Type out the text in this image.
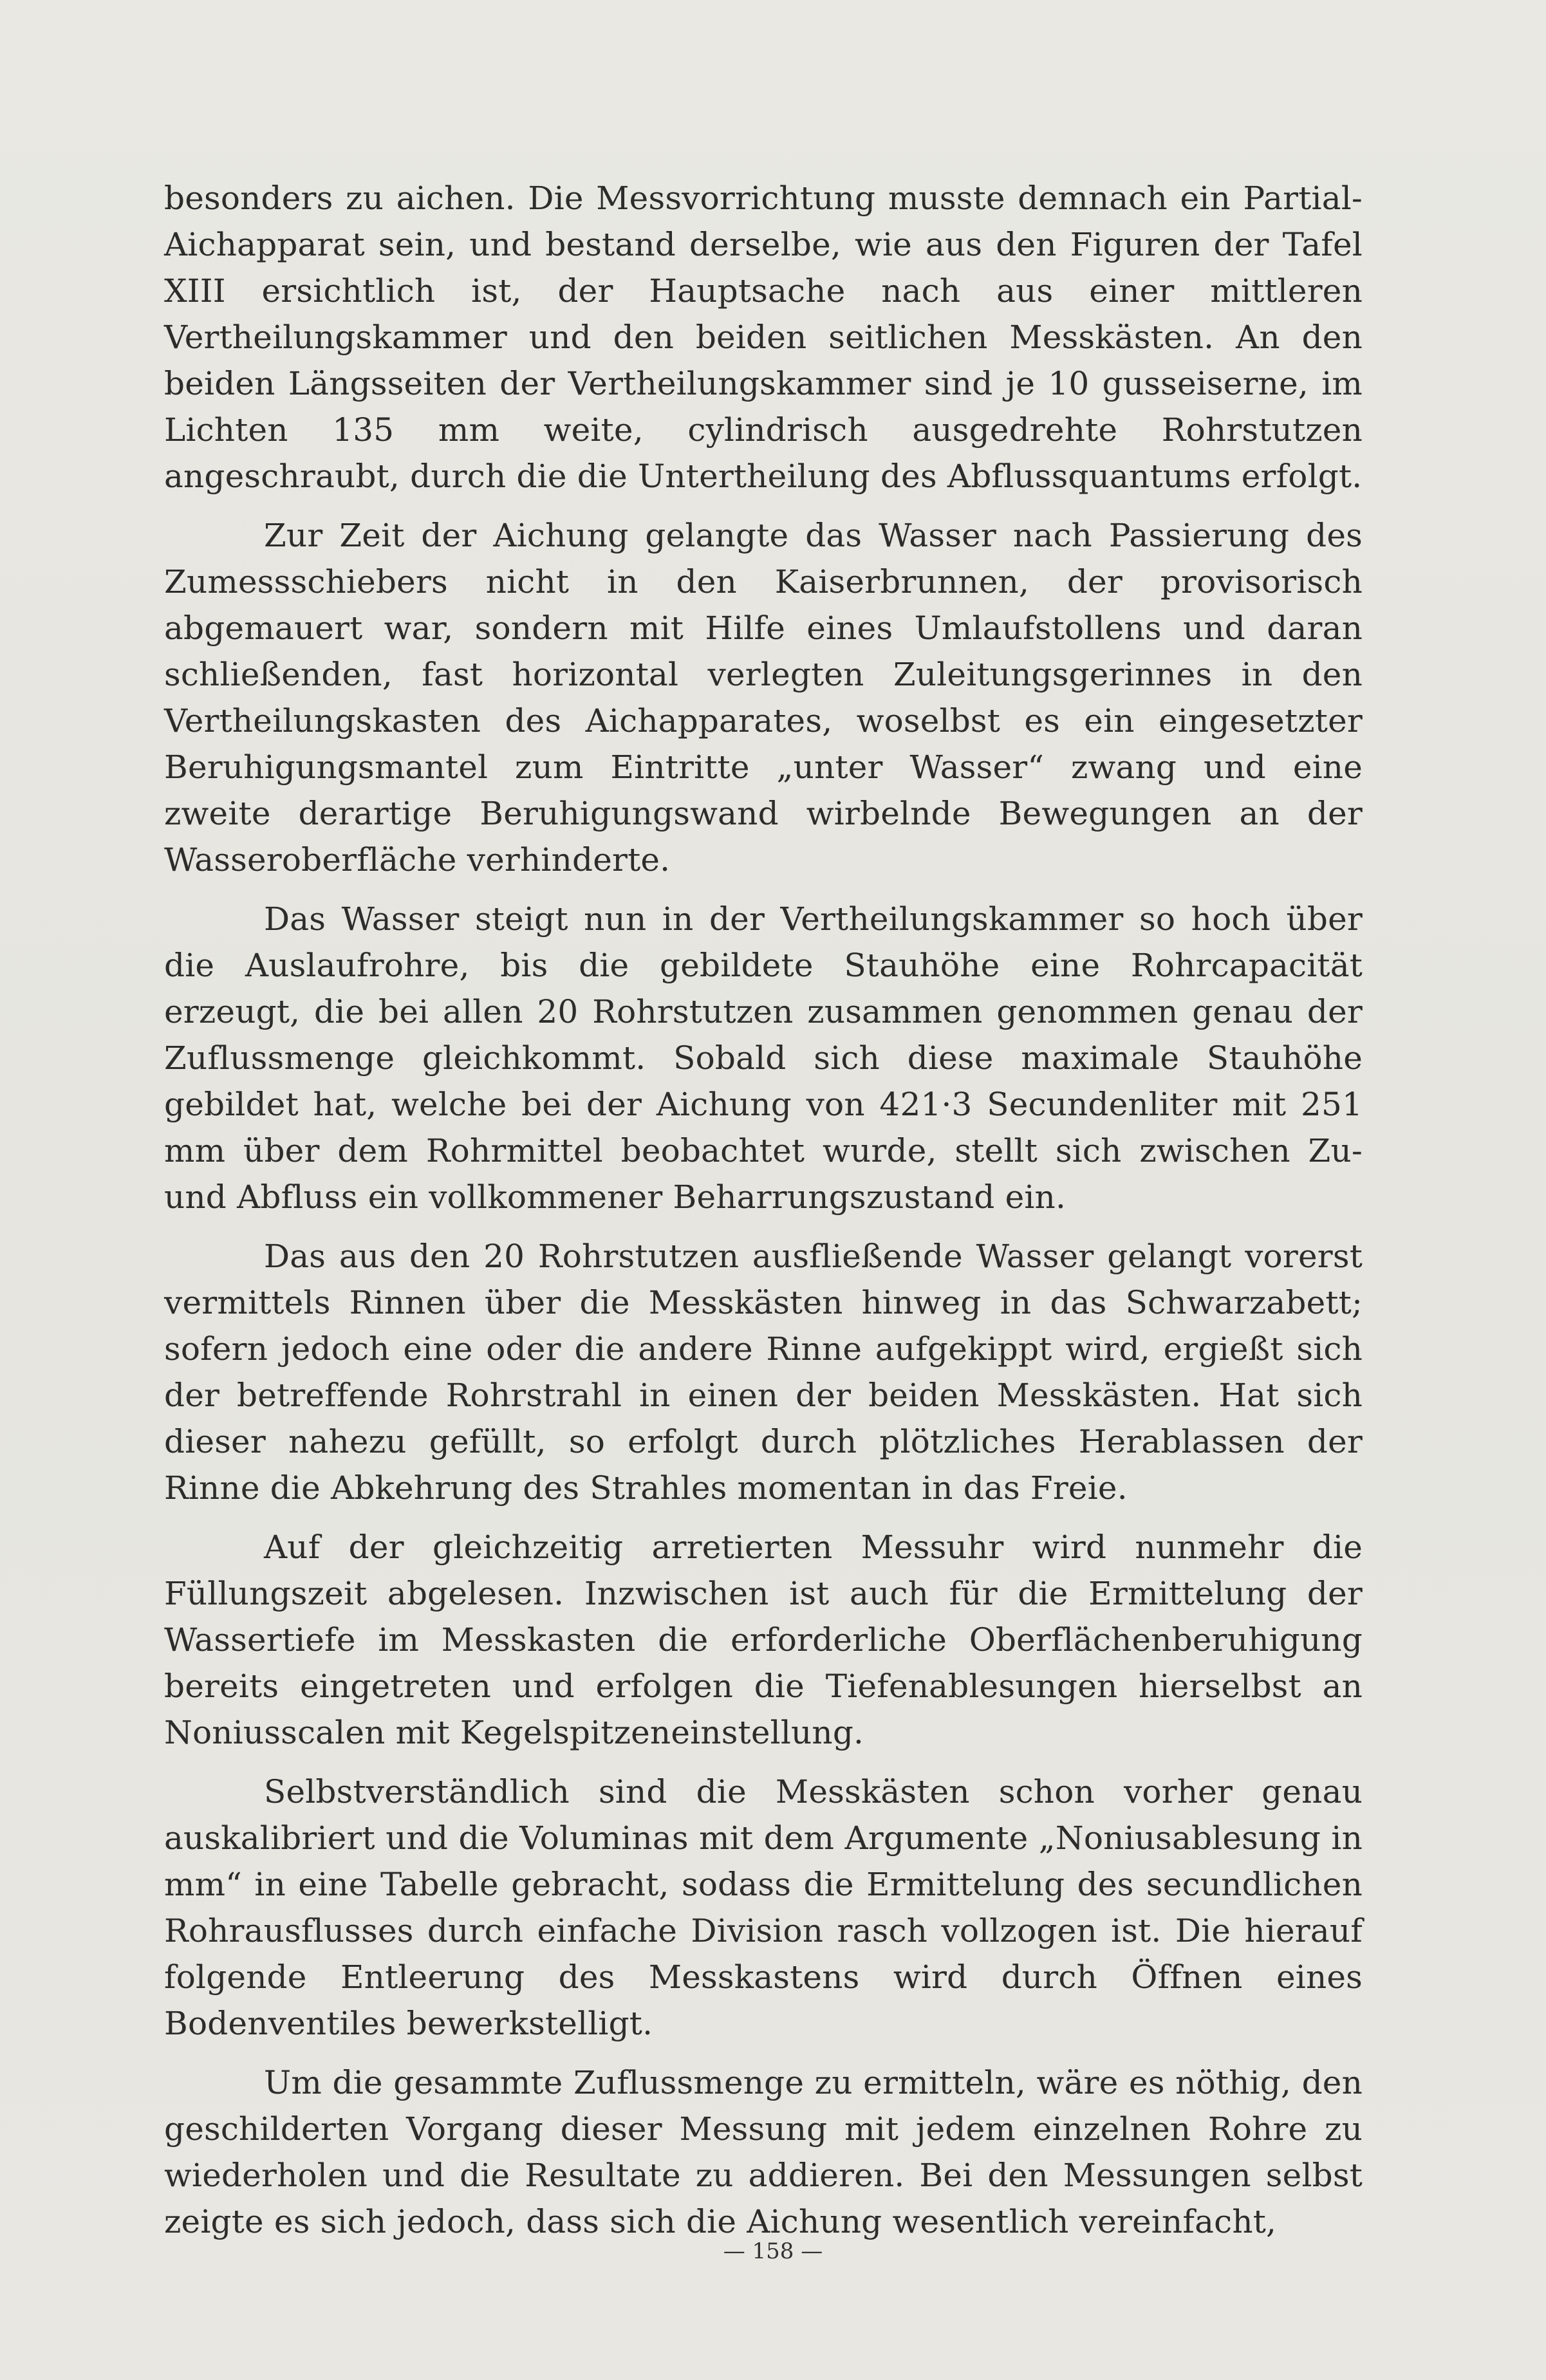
besonders zu aichen. Die Messvorrichtung musste demnach ein Partial-Aichapparat sein, und bestand derselbe, wie aus den Figuren der Tafel XIII ersichtlich ist, der Hauptsache nach aus einer mittleren Vertheilungskammer und den beiden seitlichen Messkästen. An den beiden Längsseiten der Vertheilungskammer sind je 10 gusseiserne, im Lichten 135 mm weite, cylindrisch ausgedrehte Rohrstutzen angeschraubt, durch die die Untertheilung des Abflussquantums erfolgt.

Zur Zeit der Aichung gelangte das Wasser nach Passierung des Zumessschiebers nicht in den Kaiserbrunnen, der provisorisch abgemauert war, sondern mit Hilfe eines Umlaufstollens und daran schließenden, fast horizontal verlegten Zuleitungsgerinnes in den Vertheilungskasten des Aichapparates, woselbst es ein eingesetzter Beruhigungsmantel zum Eintritte „unter Wasser“ zwang und eine zweite derartige Beruhigungswand wirbelnde Bewegungen an der Wasseroberfläche verhinderte.

Das Wasser steigt nun in der Vertheilungskammer so hoch über die Auslaufrohre, bis die gebildete Stauhöhe eine Rohrcapacität erzeugt, die bei allen 20 Rohrstutzen zusammen genommen genau der Zuflussmenge gleichkommt. Sobald sich diese maximale Stauhöhe gebildet hat, welche bei der Aichung von 421·3 Secundenliter mit 251 mm über dem Rohrmittel beobachtet wurde, stellt sich zwischen Zu- und Abfluss ein vollkommener Beharrungszustand ein.

Das aus den 20 Rohrstutzen ausfließende Wasser gelangt vorerst vermittels Rinnen über die Messkästen hinweg in das Schwarzabett; sofern jedoch eine oder die andere Rinne aufgekippt wird, ergießt sich der betreffende Rohrstrahl in einen der beiden Messkästen. Hat sich dieser nahezu gefüllt, so erfolgt durch plötzliches Herablassen der Rinne die Abkehrung des Strahles momentan in das Freie.

Auf der gleichzeitig arretierten Messuhr wird nunmehr die Füllungszeit abgelesen. Inzwischen ist auch für die Ermittelung der Wassertiefe im Messkasten die erforderliche Oberflächenberuhigung bereits eingetreten und erfolgen die Tiefenablesungen hierselbst an Noniusscalen mit Kegelspitzeneinstellung.

Selbstverständlich sind die Messkästen schon vorher genau auskalibriert und die Voluminas mit dem Argumente „Noniusablesung in mm“ in eine Tabelle gebracht, sodass die Ermittelung des secundlichen Rohrausflusses durch einfache Division rasch vollzogen ist. Die hierauf folgende Entleerung des Messkastens wird durch Öffnen eines Bodenventiles bewerkstelligt.

Um die gesammte Zuflussmenge zu ermitteln, wäre es nöthig, den geschilderten Vorgang dieser Messung mit jedem einzelnen Rohre zu wiederholen und die Resultate zu addieren. Bei den Messungen selbst zeigte es sich jedoch, dass sich die Aichung wesentlich vereinfacht,

— 158 —
